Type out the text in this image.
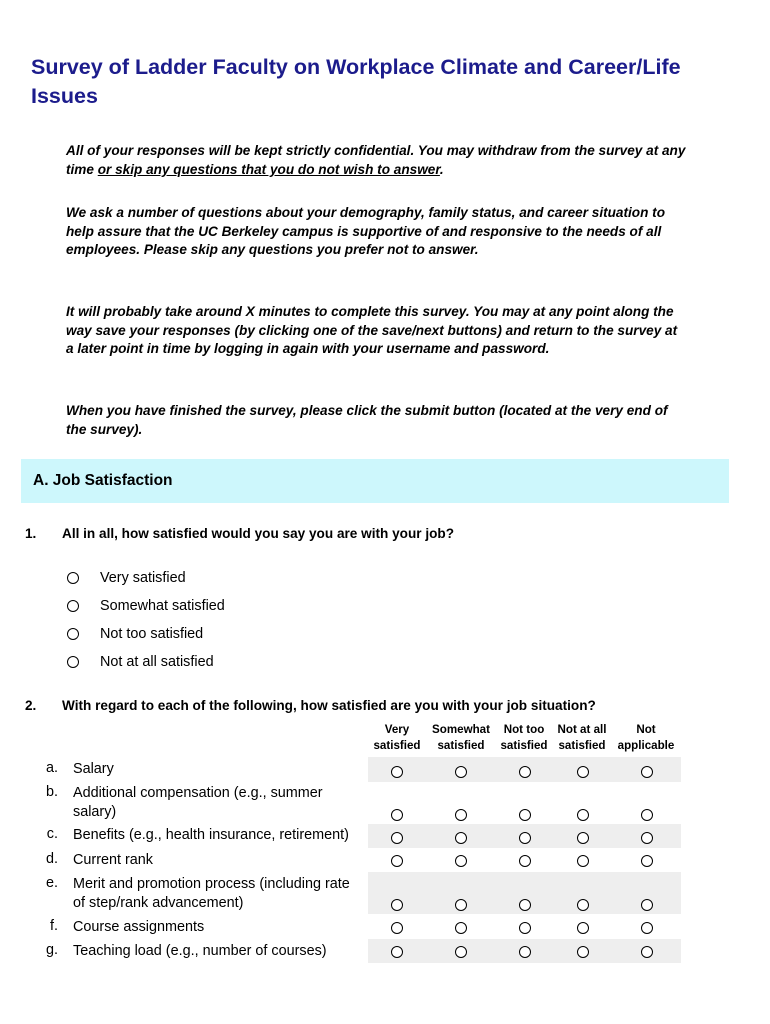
Survey of Ladder Faculty on Workplace Climate and Career/Life Issues
All of your responses will be kept strictly confidential. You may withdraw from the survey at any time or skip any questions that you do not wish to answer.
We ask a number of questions about your demography, family status, and career situation to help assure that the UC Berkeley campus is supportive of and responsive to the needs of all employees. Please skip any questions you prefer not to answer.
It will probably take around X minutes to complete this survey. You may at any point along the way save your responses (by clicking one of the save/next buttons) and return to the survey at a later point in time by logging in again with your username and password.
When you have finished the survey, please click the submit button (located at the very end of the survey).
A. Job Satisfaction
1. All in all, how satisfied would you say you are with your job?
Very satisfied
Somewhat satisfied
Not too satisfied
Not at all satisfied
2. With regard to each of the following, how satisfied are you with your job situation?
Very
satisfied
Somewhat
satisfied
Not too
satisfied
Not at all
satisfied
Not
applicable
a. Salary
b. Additional compensation (e.g., summer salary)
c. Benefits (e.g., health insurance, retirement)
d. Current rank
e. Merit and promotion process (including rate of step/rank advancement)
f. Course assignments
g. Teaching load (e.g., number of courses)
